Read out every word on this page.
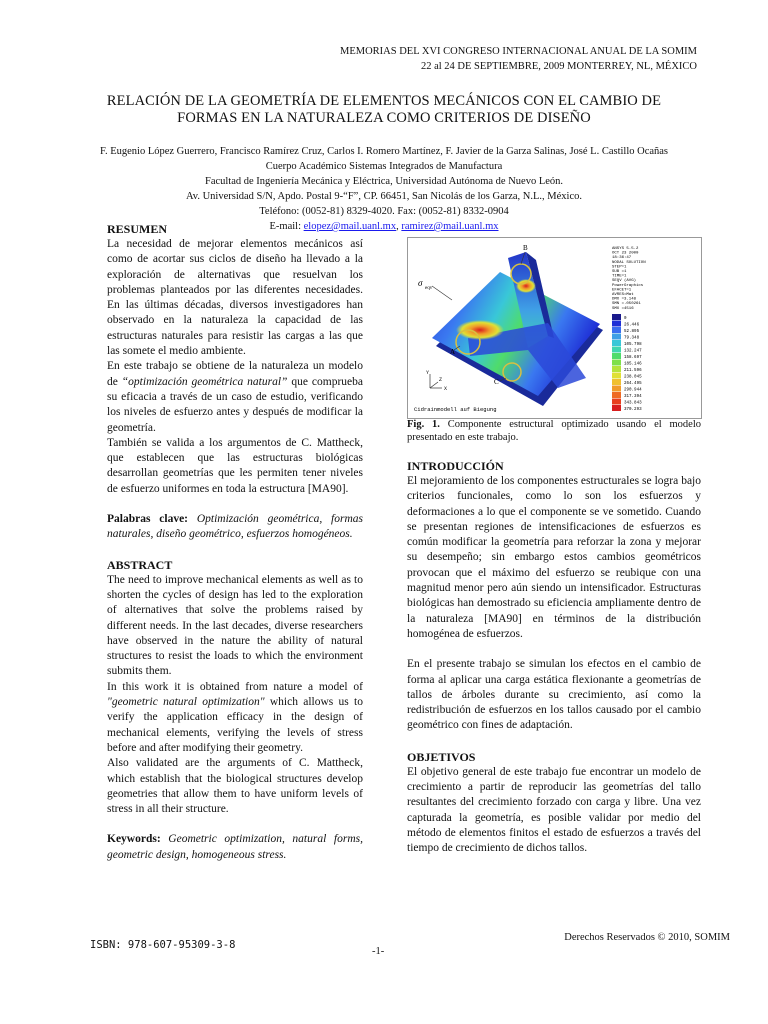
MEMORIAS DEL XVI CONGRESO INTERNACIONAL ANUAL DE LA SOMIM
22 al 24 DE SEPTIEMBRE, 2009 MONTERREY, NL, MÉXICO
RELACIÓN DE LA GEOMETRÍA DE ELEMENTOS MECÁNICOS CON EL CAMBIO DE
FORMAS EN LA NATURALEZA COMO CRITERIOS DE DISEÑO
F. Eugenio López Guerrero, Francisco Ramírez Cruz, Carlos I. Romero Martínez, F. Javier de la Garza Salinas, José L. Castillo Ocañas
Cuerpo Académico Sistemas Integrados de Manufactura
Facultad de Ingeniería Mecánica y Eléctrica, Universidad Autónoma de Nuevo León.
Av. Universidad S/N, Apdo. Postal 9-“F”, CP. 66451, San Nicolás de los Garza, N.L., México.
Teléfono: (0052-81) 8329-4020. Fax: (0052-81) 8332-0904
E-mail: elopez@mail.uanl.mx, ramirez@mail.uanl.mx
RESUMEN

La necesidad de mejorar elementos mecánicos así como de acortar sus ciclos de diseño ha llevado a la exploración de alternativas que resuelvan los problemas planteados por las diferentes necesidades. En las últimas décadas, diversos investigadores han observado en la naturaleza la capacidad de las estructuras naturales para resistir las cargas a las que las somete el medio ambiente.

En este trabajo se obtiene de la naturaleza un modelo de “optimización geométrica natural” que comprueba su eficacia a través de un caso de estudio, verificando los niveles de esfuerzo antes y después de modificar la geometría.

También se valida a los argumentos de C. Mattheck, que establecen que las estructuras biológicas desarrollan geometrías que les permiten tener niveles de esfuerzo uniformes en toda la estructura [MA90].

Palabras clave: Optimización geométrica, formas naturales, diseño geométrico, esfuerzos homogéneos.

ABSTRACT

The need to improve mechanical elements as well as to shorten the cycles of design has led to the exploration of alternatives that solve the problems raised by different needs. In the last decades, diverse researchers have observed in the nature the ability of natural structures to resist the loads to which the environment submits them.

In this work it is obtained from nature a model of "geometric natural optimization" which allows us to verify the application efficacy in the design of mechanical elements, verifying the levels of stress before and after modifying their geometry.

Also validated are the arguments of C. Mattheck, which establish that the biological structures develop geometries that allow them to have uniform levels of stress in all their structure.

Keywords: Geometric optimization, natural forms, geometric design, homogeneous stress.

B
A
C
σ
eqv
Y
X
Z
Cidrainmodell auf Biegung
ANSYS 5.5.2
OCT 23 2000
18:36:47
NODAL SOLUTION
STEP=1
SUB =1
TIME=1
SEQV (AVG)
PowerGraphics
EFACET=1
AVRES=Mat
DMX =3.148
SMN =.050261
SMX =4516
0
26.446
52.895
79.348
105.798
132.247
158.697
185.146
211.596
238.045
264.495
290.944
317.394
343.843
370.293
Fig. 1. Componente estructural optimizado usando el modelo presentado en este trabajo.
INTRODUCCIÓN

El mejoramiento de los componentes estructurales se logra bajo criterios funcionales, como lo son los esfuerzos y deformaciones a lo que el componente se ve sometido. Cuando se presentan regiones de intensificaciones de esfuerzos es común modificar la geometría para reforzar la zona y mejorar su desempeño; sin embargo estos cambios geométricos provocan que el máximo del esfuerzo se reubique con una magnitud menor pero aún siendo un intensificador. Estructuras biológicas han demostrado su eficiencia ampliamente dentro de la naturaleza [MA90] en términos de la distribución homogénea de esfuerzos.

En el presente trabajo se simulan los efectos en el cambio de forma al aplicar una carga estática flexionante a geometrías de tallos de árboles durante su crecimiento, así como la redistribución de esfuerzos en los tallos causado por el cambio geométrico con fines de adaptación.

OBJETIVOS

El objetivo general de este trabajo fue encontrar un modelo de crecimiento a partir de reproducir las geometrías del tallo resultantes del crecimiento forzado con carga y libre. Una vez capturada la geometría, es posible validar por medio del método de elementos finitos el estado de esfuerzos a través del tiempo de crecimiento de dichos tallos.

ISBN: 978-607-95309-3-8
-1-
Derechos Reservados © 2010, SOMIM
